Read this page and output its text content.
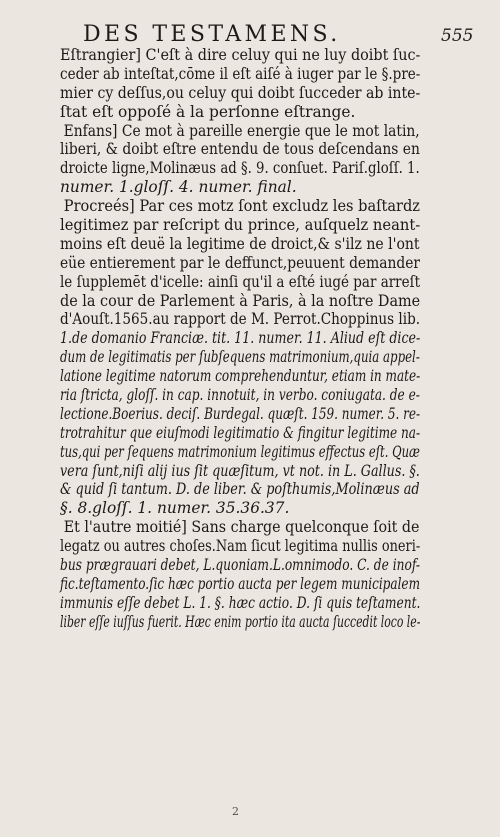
DES TESTAMENS.	555
Eſtrangier] C'eſt à dire celuy qui ne luy doibt ſuc-
ceder ab inteſtat,cōme il eſt aiſé à iuger par le §.pre-
mier cy deſſus,ou celuy qui doibt ſucceder ab inte-
ſtat eſt oppoſé à la perſonne eſtrange.
Enfans] Ce mot à pareille energie que le mot latin,
liberi, & doibt eſtre entendu de tous deſcendans en
droicte ligne,Molinæus ad §. 9. conſuet. Pariſ.gloſſ. 1.
numer. 1.gloſſ. 4. numer. final.
Procreés] Par ces motz ſont excludz les baſtardz
legitimez par reſcript du prince, auſquelz neant-
moins eſt deuë la legitime de droict,& s'ilz ne l'ont
eüe entierement par le deffunct,peuuent demander
le ſupplemēt d'icelle: ainſi qu'il a eſté iugé par arreſt
de la cour de Parlement à Paris, à la noſtre Dame
d'Aouſt.1565.au rapport de M. Perrot.Choppinus lib.
1.de domanio Franciæ. tit. 11. numer. 11. Aliud eſt dice-
dum de legitimatis per ſubſequens matrimonium,quia appel-
latione legitime natorum comprehenduntur, etiam in mate-
ria ſtricta, gloſſ. in cap. innotuit, in verbo. coniugata. de e-
lectione.Boerius. deciſ. Burdegal. quæſt. 159. numer. 5. re-
trotrahitur que eiuſmodi legitimatio & fingitur legitime na-
tus,qui per ſequens matrimonium legitimus effectus eſt. Quæ
vera ſunt,niſi alij ius ſit quæſitum, vt not. in L. Gallus. §.
& quid ſi tantum. D. de liber. & poſthumis,Molinæus ad
§. 8.gloſſ. 1. numer. 35.36.37.
Et l'autre moitié] Sans charge quelconque ſoit de
legatz ou autres choſes.Nam ſicut legitima nullis oneri-
bus prægrauari debet, L.quoniam.L.omnimodo. C. de inof-
fic.teſtamento.ſic hæc portio aucta per legem municipalem
immunis eſſe debet L. 1. §. hæc actio. D. ſi quis teſtament.
liber eſſe iuſſus fuerit. Hæc enim portio ita aucta ſuccedit loco le-
2
